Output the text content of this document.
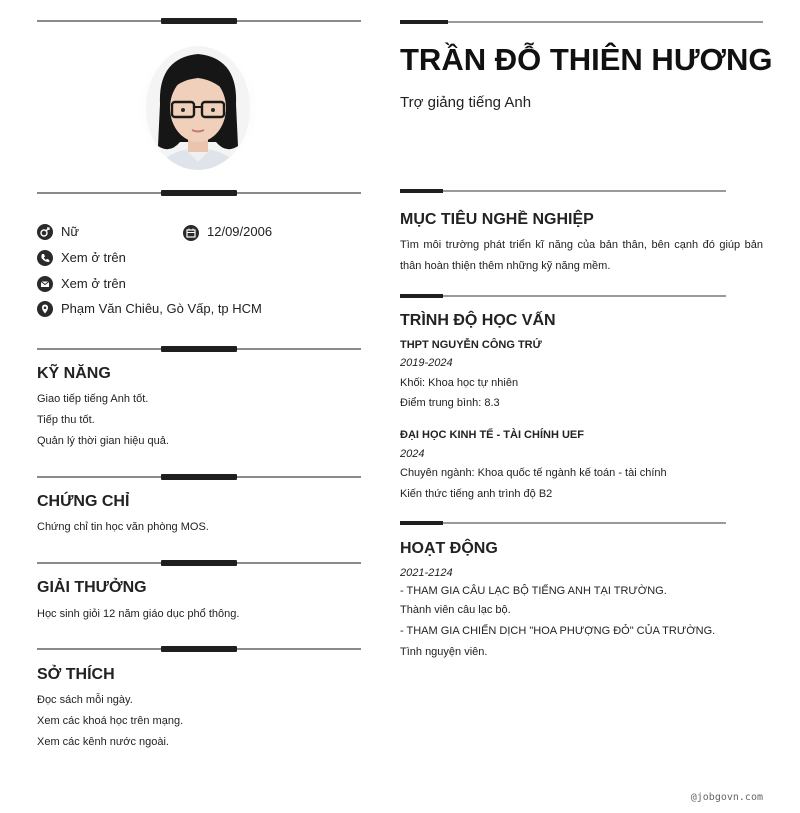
Nữ	12/09/2006
Xem ở trên
Xem ở trên
Phạm Văn Chiêu, Gò Vấp, tp HCM
KỸ NĂNG
Giao tiếp tiếng Anh tốt.
Tiếp thu tốt.
Quản lý thời gian hiệu quả.
CHỨNG CHỈ
Chứng chỉ tin học văn phòng MOS.
GIẢI THƯỞNG
Học sinh giỏi 12 năm giáo dục phổ thông.
SỞ THÍCH
Đọc sách mỗi ngày.
Xem các khoá học trên mạng.
Xem các kênh nước ngoài.
TRẦN ĐỖ THIÊN HƯƠNG
Trợ giảng tiếng Anh
MỤC TIÊU NGHỀ NGHIỆP
Tìm môi trường phát triển kĩ năng của bản thân, bên cạnh đó giúp bản
thân hoàn thiện thêm những kỹ năng mềm.
TRÌNH ĐỘ HỌC VẤN
THPT NGUYỄN CÔNG TRỨ
2019-2024
Khối: Khoa học tự nhiên
Điểm trung bình: 8.3
ĐẠI HỌC KINH TẾ - TÀI CHÍNH UEF
2024
Chuyên ngành: Khoa quốc tế ngành kế toán - tài chính
Kiến thức tiếng anh trình độ B2
HOẠT ĐỘNG
2021-2124
- THAM GIA CÂU LẠC BỘ TIẾNG ANH TẠI TRƯỜNG.
Thành viên câu lạc bộ.
- THAM GIA CHIẾN DỊCH "HOA PHƯỢNG ĐỎ" CỦA TRƯỜNG.
Tình nguyện viên.
@jobgovn.com
